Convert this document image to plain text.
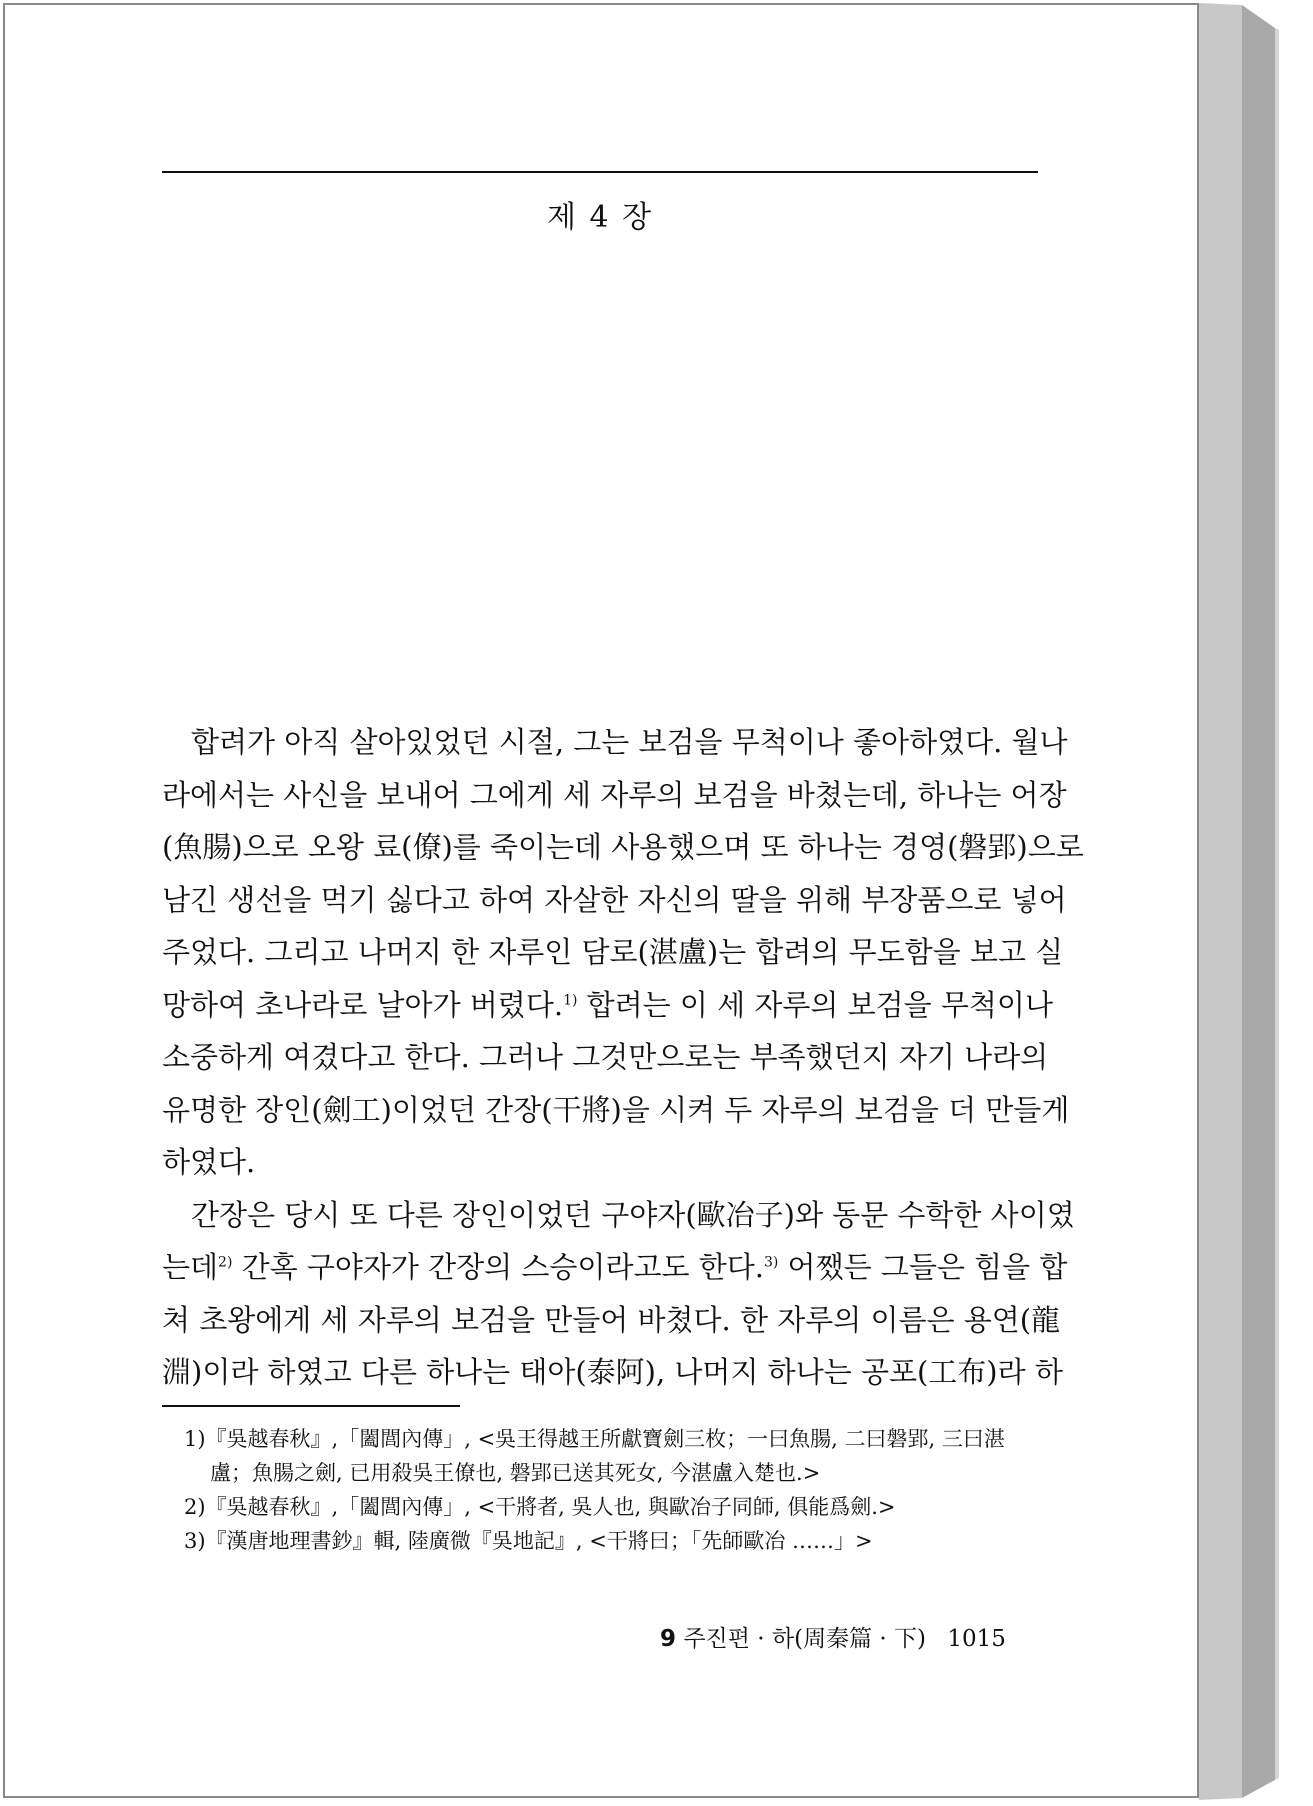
제 4 장
　합려가 아직 살아있었던 시절, 그는 보검을 무척이나 좋아하였다. 월나
라에서는 사신을 보내어 그에게 세 자루의 보검을 바쳤는데, 하나는 어장
(魚腸)으로 오왕 료(僚)를 죽이는데 사용했으며 또 하나는 경영(磐郢)으로
남긴 생선을 먹기 싫다고 하여 자살한 자신의 딸을 위해 부장품으로 넣어
주었다. 그리고 나머지 한 자루인 담로(湛盧)는 합려의 무도함을 보고 실
망하여 초나라로 날아가 버렸다.$^{1)}$ 합려는 이 세 자루의 보검을 무척이나
소중하게 여겼다고 한다. 그러나 그것만으로는 부족했던지 자기 나라의
유명한 장인(劍工)이었던 간장(干將)을 시켜 두 자루의 보검을 더 만들게
하였다.
　간장은 당시 또 다른 장인이었던 구야자(歐冶子)와 동문 수학한 사이였
는데$^{2)}$ 간혹 구야자가 간장의 스승이라고도 한다.$^{3)}$ 어쨌든 그들은 힘을 합
쳐 초왕에게 세 자루의 보검을 만들어 바쳤다. 한 자루의 이름은 용연(龍
淵)이라 하였고 다른 하나는 태아(泰阿), 나머지 하나는 공포(工布)라 하
1)『吳越春秋』,「闔閭內傳」, <吳王得越王所獻寶劍三枚；一曰魚腸, 二曰磐郢, 三曰湛
盧；魚腸之劍, 已用殺吳王僚也, 磐郢已送其死女, 今湛盧入楚也.>
2)『吳越春秋』,「闔閭內傳」, <干將者, 吳人也, 與歐冶子同師, 俱能爲劍.>
3)『漢唐地理書鈔』輯, 陸廣微『吳地記』, <干將曰；「先師歐冶 ……」>
9 주진편 · 하(周秦篇 · 下) 1015
